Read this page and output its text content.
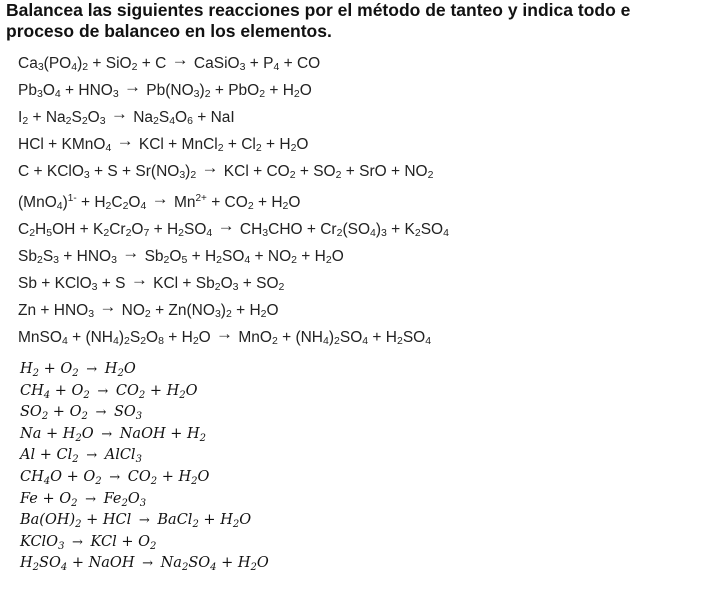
Balancea las siguientes reacciones por el método de tanteo y indica todo e
proceso de balanceo en los elementos.
$Ca_3(PO_4)_2 + SiO_2 + C$ → CaSiO$_3$ + $P_4$ + CO
$Pb_3O_4 + HNO_3 \to Pb(NO_3)_2 + PbO_2 + H_2O$
$I_2 + Na_2S_2O_3 \to Na_2S_4O_6$ + NaI
HCl + KMnO$_4$ → KCl + MnCl$_2$ + $Cl_2 + H_2O$
C + KClO$_3$ + $S + Sr(NO_3)_2$ → KCl + $CO_2 + SO_2$ + SrO + $NO_2$
$(MnO_4)^{1-} + H_2C_2O_4 \to Mn^{2+} + CO_2 + H_2O$
$C_2H_5OH + K_2Cr_2O_7 + H_2SO_4 \to CH_3CHO + Cr_2(SO_4)_3 + K_2SO_4$
$Sb_2S_3 + HNO_3 \to Sb_2O_5 + H_2SO_4 + NO_2 + H_2O$
Sb + KClO$_3$ + S → KCl + $Sb_2O_3 + SO_2$
$Zn + HNO_3 \to NO_2 + Zn(NO_3)_2 + H_2O$
MnSO$_4$ + $(NH_4)_2S_2O_8 + H_2O \to MnO_2 + (NH_4)_2SO_4 + H_2SO_4$
$H_2 + O_2 \to H_2O$
$CH_4 + O_2 \to CO_2 + H_2O$
$SO_2 + O_2 \to SO_3$
$Na + H_2O$ → NaOH + $H_2$
$Al + Cl_2$ → AlCl$_3$
$CH_4O + O_2 \to CO_2 + H_2O$
$Fe + O_2 \to Fe_2O_3$
$Ba(OH)_2$ + HCl → BaCl$_2$ + $H_2O$
KClO$_3$ → KCl + $O_2$
$H_2SO_4$ + NaOH → $Na_2SO_4 + H_2O$
